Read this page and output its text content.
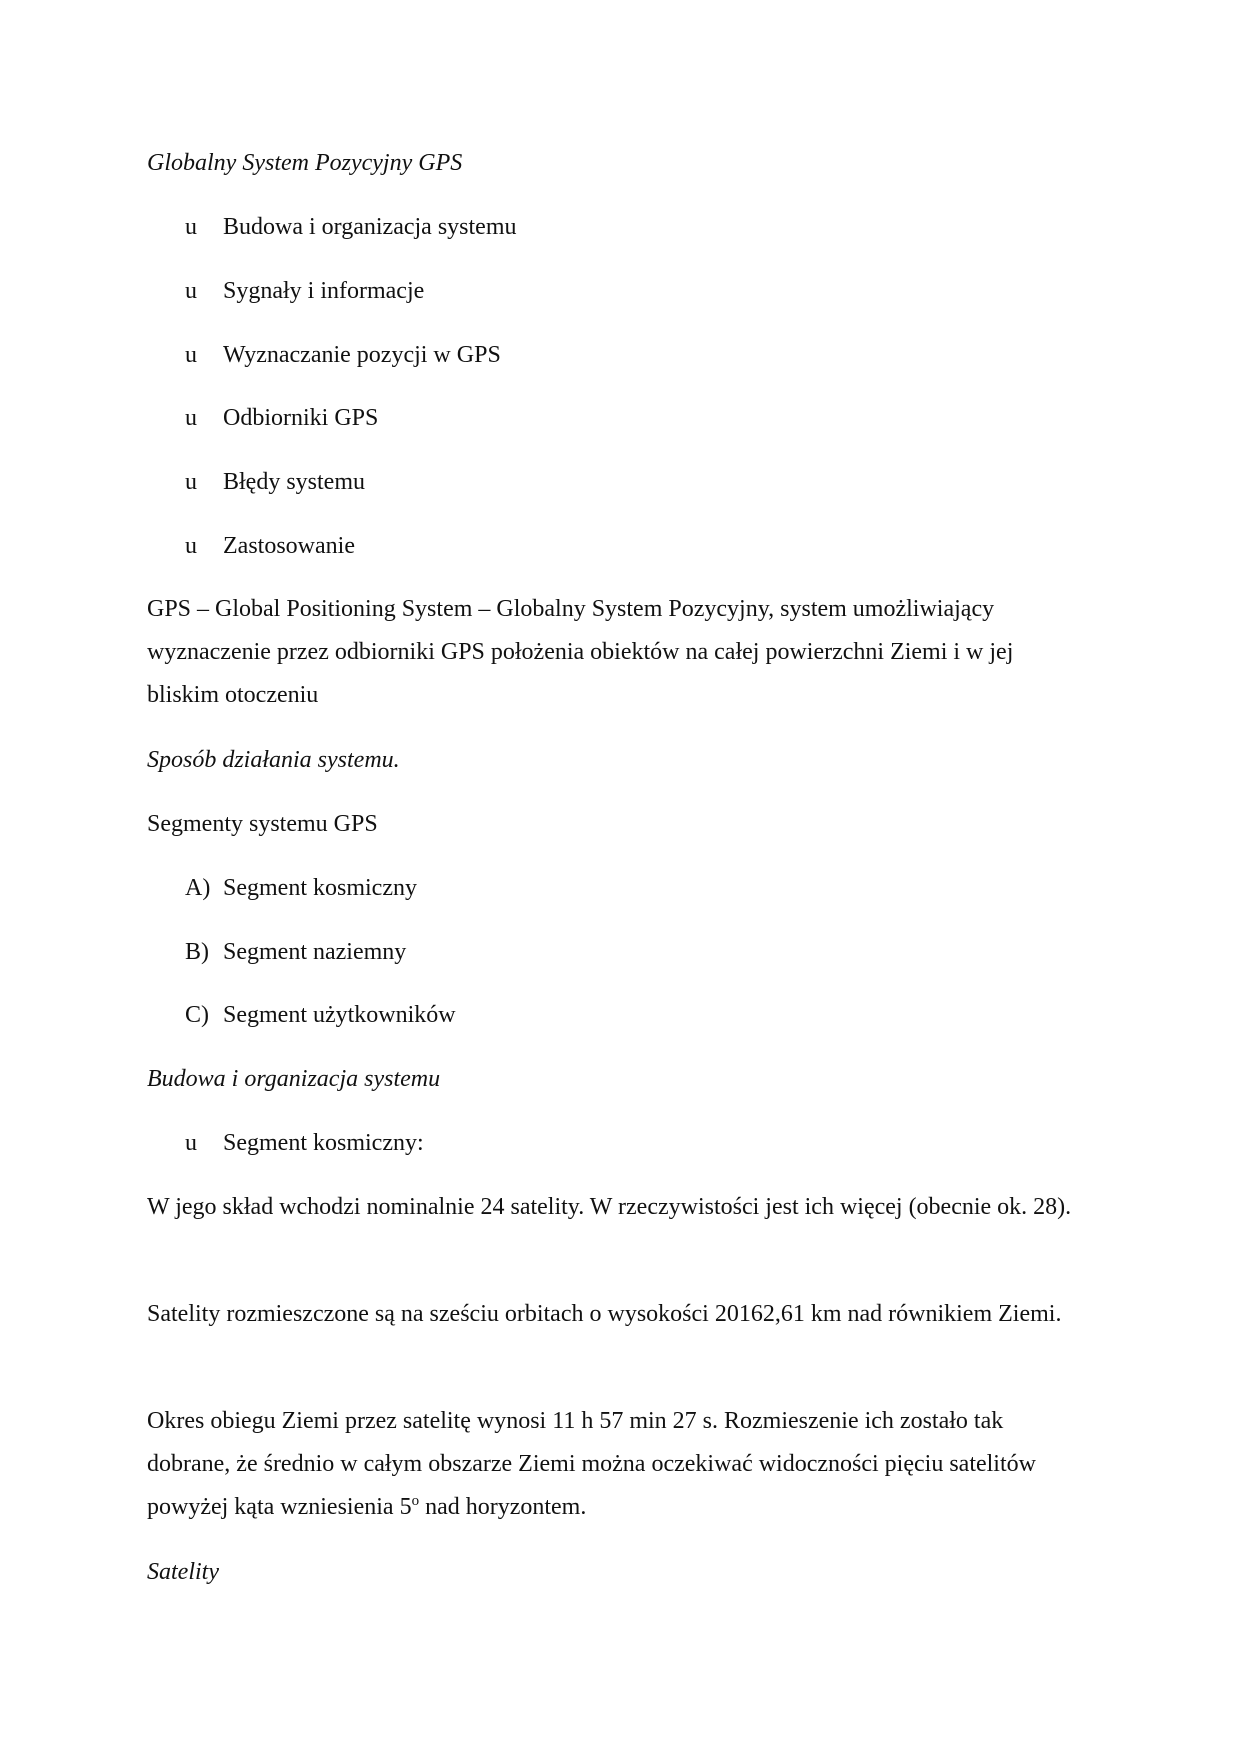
Globalny System Pozycyjny GPS
u Budowa i organizacja systemu
u Sygnały i informacje
u Wyznaczanie pozycji w GPS
u Odbiorniki GPS
u Błędy systemu
u Zastosowanie
GPS – Global Positioning System – Globalny System Pozycyjny, system umożliwiający wyznaczenie przez odbiorniki GPS położenia obiektów na całej powierzchni Ziemi i w jej bliskim otoczeniu
Sposób działania systemu.
Segmenty systemu GPS
A) Segment kosmiczny
B) Segment naziemny
C) Segment użytkowników
Budowa i organizacja systemu
u Segment kosmiczny:
W jego skład wchodzi nominalnie 24 satelity. W rzeczywistości jest ich więcej (obecnie ok. 28).
Satelity rozmieszczone są na sześciu orbitach o wysokości 20162,61 km nad równikiem Ziemi.
Okres obiegu Ziemi przez satelitę wynosi 11 h 57 min 27 s. Rozmieszenie ich zostało tak dobrane, że średnio w całym obszarze Ziemi można oczekiwać widoczności pięciu satelitów powyżej kąta wzniesienia 5$^o$ nad horyzontem.
Satelity
